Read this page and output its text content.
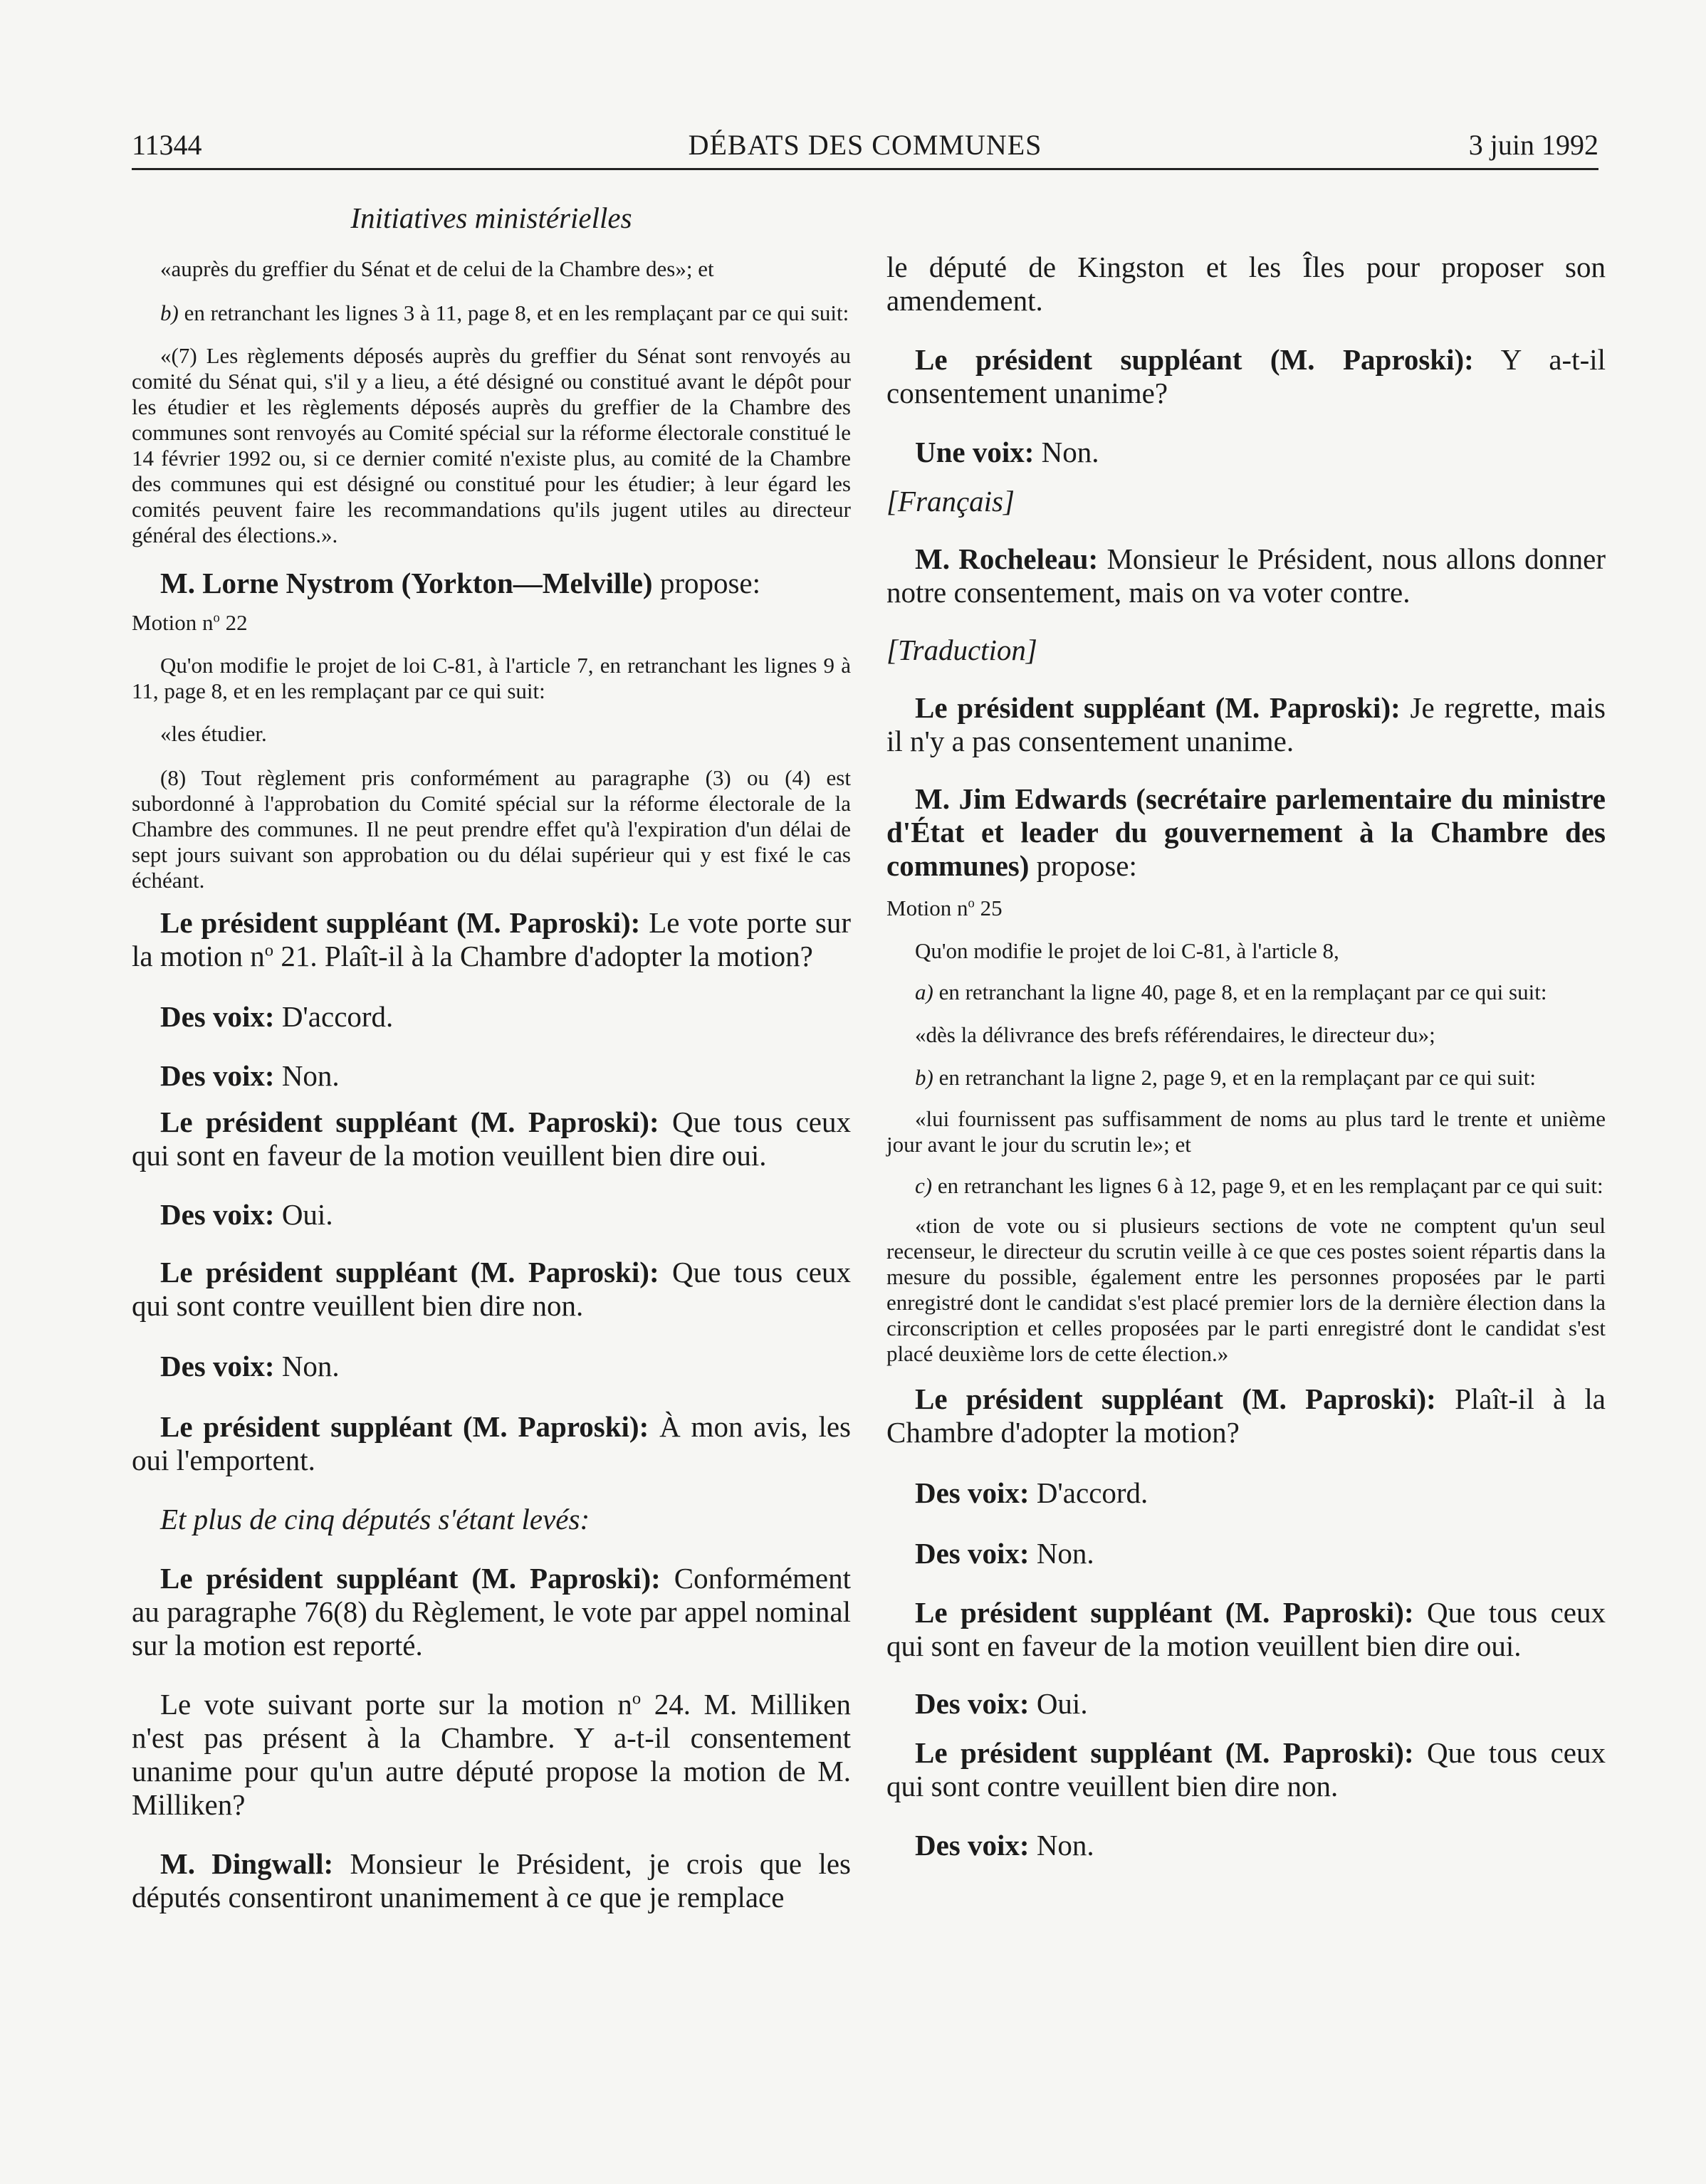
11344	DÉBATS DES COMMUNES	3 juin 1992
Initiatives ministérielles

«auprès du greffier du Sénat et de celui de la Chambre des»; et

b) en retranchant les lignes 3 à 11, page 8, et en les remplaçant par ce qui suit:

«(7) Les règlements déposés auprès du greffier du Sénat sont renvoyés au comité du Sénat qui, s'il y a lieu, a été désigné ou constitué avant le dépôt pour les étudier et les règlements déposés auprès du greffier de la Chambre des communes sont renvoyés au Comité spécial sur la réforme électorale constitué le 14 février 1992 ou, si ce dernier comité n'existe plus, au comité de la Chambre des communes qui est désigné ou constitué pour les étudier; à leur égard les comités peuvent faire les recommandations qu'ils jugent utiles au directeur général des élections.».

M. Lorne Nystrom (Yorkton—Melville) propose:

Motion $n^o$ 22

Qu'on modifie le projet de loi C-81, à l'article 7, en retranchant les lignes 9 à 11, page 8, et en les remplaçant par ce qui suit:

«les étudier.

(8) Tout règlement pris conformément au paragraphe (3) ou (4) est subordonné à l'approbation du Comité spécial sur la réforme électorale de la Chambre des communes. Il ne peut prendre effet qu'à l'expiration d'un délai de sept jours suivant son approbation ou du délai supérieur qui y est fixé le cas échéant.

Le président suppléant (M. Paproski): Le vote porte sur la motion $n^o$ 21. Plaît-il à la Chambre d'adopter la motion?

Des voix: D'accord.

Des voix: Non.

Le président suppléant (M. Paproski): Que tous ceux qui sont en faveur de la motion veuillent bien dire oui.

Des voix: Oui.

Le président suppléant (M. Paproski): Que tous ceux qui sont contre veuillent bien dire non.

Des voix: Non.

Le président suppléant (M. Paproski): À mon avis, les oui l'emportent.

Et plus de cinq députés s'étant levés:

Le président suppléant (M. Paproski): Conformément au paragraphe 76(8) du Règlement, le vote par appel nominal sur la motion est reporté.

Le vote suivant porte sur la motion $n^o$ 24. M. Milliken n'est pas présent à la Chambre. Y a-t-il consentement unanime pour qu'un autre député propose la motion de M. Milliken?

M. Dingwall: Monsieur le Président, je crois que les députés consentiront unanimement à ce que je remplace

le député de Kingston et les Îles pour proposer son amendement.

Le président suppléant (M. Paproski): Y a-t-il consentement unanime?

Une voix: Non.

[Français]

M. Rocheleau: Monsieur le Président, nous allons donner notre consentement, mais on va voter contre.

[Traduction]

Le président suppléant (M. Paproski): Je regrette, mais il n'y a pas consentement unanime.

M. Jim Edwards (secrétaire parlementaire du ministre d'État et leader du gouvernement à la Chambre des communes) propose:

Motion $n^o$ 25

Qu'on modifie le projet de loi C-81, à l'article 8,

a) en retranchant la ligne 40, page 8, et en la remplaçant par ce qui suit:

«dès la délivrance des brefs référendaires, le directeur du»;

b) en retranchant la ligne 2, page 9, et en la remplaçant par ce qui suit:

«lui fournissent pas suffisamment de noms au plus tard le trente et unième jour avant le jour du scrutin le»; et

c) en retranchant les lignes 6 à 12, page 9, et en les remplaçant par ce qui suit:

«tion de vote ou si plusieurs sections de vote ne comptent qu'un seul recenseur, le directeur du scrutin veille à ce que ces postes soient répartis dans la mesure du possible, également entre les personnes proposées par le parti enregistré dont le candidat s'est placé premier lors de la dernière élection dans la circonscription et celles proposées par le parti enregistré dont le candidat s'est placé deuxième lors de cette élection.»

Le président suppléant (M. Paproski): Plaît-il à la Chambre d'adopter la motion?

Des voix: D'accord.

Des voix: Non.

Le président suppléant (M. Paproski): Que tous ceux qui sont en faveur de la motion veuillent bien dire oui.

Des voix: Oui.

Le président suppléant (M. Paproski): Que tous ceux qui sont contre veuillent bien dire non.

Des voix: Non.
